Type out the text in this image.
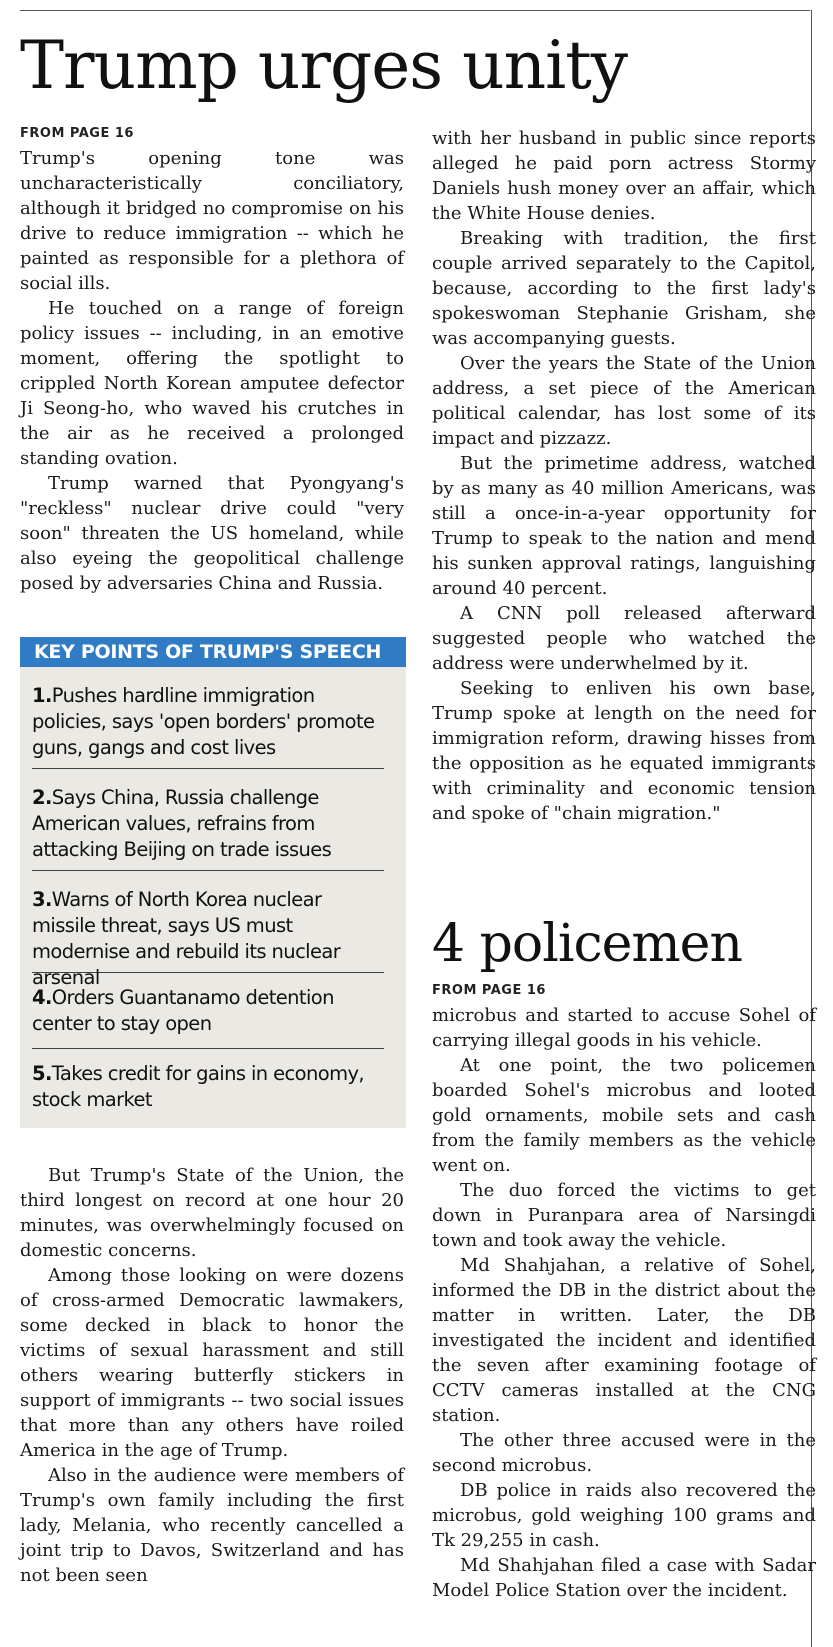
Trump urges unity
FROM PAGE 16

Trump's opening tone was uncharacteristically conciliatory, although it bridged no compromise on his drive to reduce immigration -- which he painted as responsible for a plethora of social ills.

He touched on a range of foreign policy issues -- including, in an emotive moment, offering the spotlight to crippled North Korean amputee defector Ji Seong-ho, who waved his crutches in the air as he received a prolonged standing ovation.

Trump warned that Pyongyang's "reckless" nuclear drive could "very soon" threaten the US homeland, while also eyeing the geopolitical challenge posed by adversaries China and Russia.

KEY POINTS OF TRUMP'S SPEECH
1.Pushes hardline immigration policies, says 'open borders' promote guns, gangs and cost lives
2.Says China, Russia challenge American values, refrains from attacking Beijing on trade issues
3.Warns of North Korea nuclear missile threat, says US must modernise and rebuild its nuclear arsenal
4.Orders Guantanamo detention center to stay open
5.Takes credit for gains in economy, stock market

But Trump's State of the Union, the third longest on record at one hour 20 minutes, was overwhelmingly focused on domestic concerns.

Among those looking on were dozens of cross-armed Democratic lawmakers, some decked in black to honor the victims of sexual harassment and still others wearing butterfly stickers in support of immigrants -- two social issues that more than any others have roiled America in the age of Trump.

Also in the audience were members of Trump's own family including the first lady, Melania, who recently cancelled a joint trip to Davos, Switzerland and has not been seen

with her husband in public since reports alleged he paid porn actress Stormy Daniels hush money over an affair, which the White House denies.

Breaking with tradition, the first couple arrived separately to the Capitol, because, according to the first lady's spokeswoman Stephanie Grisham, she was accompanying guests.

Over the years the State of the Union address, a set piece of the American political calendar, has lost some of its impact and pizzazz.

But the primetime address, watched by as many as 40 million Americans, was still a once-in-a-year opportunity for Trump to speak to the nation and mend his sunken approval ratings, languishing around 40 percent.

A CNN poll released afterward suggested people who watched the address were underwhelmed by it.

Seeking to enliven his own base, Trump spoke at length on the need for immigration reform, drawing hisses from the opposition as he equated immigrants with criminality and economic tension and spoke of "chain migration."

4 policemen
FROM PAGE 16

microbus and started to accuse Sohel of carrying illegal goods in his vehicle.

At one point, the two policemen boarded Sohel's microbus and looted gold ornaments, mobile sets and cash from the family members as the vehicle went on.

The duo forced the victims to get down in Puranpara area of Narsingdi town and took away the vehicle.

Md Shahjahan, a relative of Sohel, informed the DB in the district about the matter in written. Later, the DB investigated the incident and identified the seven after examining footage of CCTV cameras installed at the CNG station.

The other three accused were in the second microbus.

DB police in raids also recovered the microbus, gold weighing 100 grams and Tk 29,255 in cash.

Md Shahjahan filed a case with Sadar Model Police Station over the incident.
